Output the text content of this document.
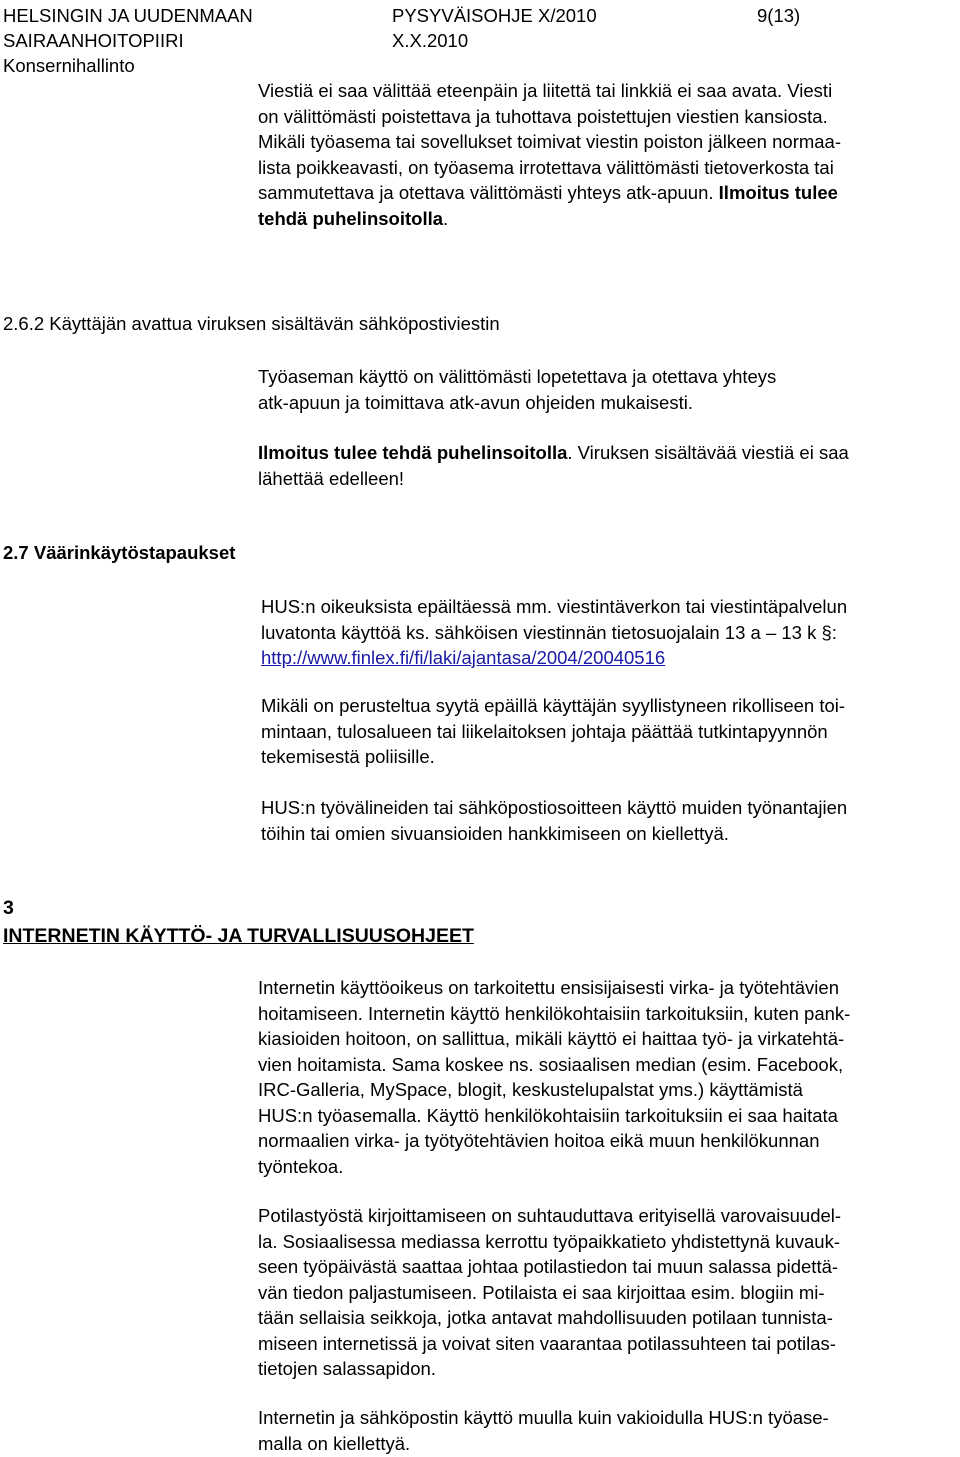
HELSINGIN JA UUDENMAAN
SAIRAANHOITOPIIRI
Konsernihallinto
PYSYVÄISOHJE X/2010
X.X.2010
9(13)
Viestiä ei saa välittää eteenpäin ja liitettä tai linkkiä ei saa avata. Viesti
on välittömästi poistettava ja tuhottava poistettujen viestien kansiosta.
Mikäli työasema tai sovellukset toimivat viestin poiston jälkeen normaa-
lista poikkeavasti, on työasema irrotettava välittömästi tietoverkosta tai
sammutettava ja otettava välittömästi yhteys atk-apuun. Ilmoitus tulee
tehdä puhelinsoitolla.
2.6.2 Käyttäjän avattua viruksen sisältävän sähköpostiviestin
Työaseman käyttö on välittömästi lopetettava ja otettava yhteys
atk-apuun ja toimittava atk-avun ohjeiden mukaisesti.
Ilmoitus tulee tehdä puhelinsoitolla. Viruksen sisältävää viestiä ei saa
lähettää edelleen!
2.7 Väärinkäytöstapaukset
HUS:n oikeuksista epäiltäessä mm. viestintäverkon tai viestintäpalvelun
luvatonta käyttöä ks. sähköisen viestinnän tietosuojalain 13 a – 13 k §:
http://www.finlex.fi/fi/laki/ajantasa/2004/20040516
Mikäli on perusteltua syytä epäillä käyttäjän syyllistyneen rikolliseen toi-
mintaan, tulosalueen tai liikelaitoksen johtaja päättää tutkintapyynnön
tekemisestä poliisille.
HUS:n työvälineiden tai sähköpostiosoitteen käyttö muiden työnantajien
töihin tai omien sivuansioiden hankkimiseen on kiellettyä.
3
INTERNETIN KÄYTTÖ- JA TURVALLISUUSOHJEET
Internetin käyttöoikeus on tarkoitettu ensisijaisesti virka- ja työtehtävien
hoitamiseen. Internetin käyttö henkilökohtaisiin tarkoituksiin, kuten pank-
kiasioiden hoitoon, on sallittua, mikäli käyttö ei haittaa työ- ja virkatehtä-
vien hoitamista. Sama koskee ns. sosiaalisen median (esim. Facebook,
IRC-Galleria, MySpace, blogit, keskustelupalstat yms.) käyttämistä
HUS:n työasemalla. Käyttö henkilökohtaisiin tarkoituksiin ei saa haitata
normaalien virka- ja työtyötehtävien hoitoa eikä muun henkilökunnan
työntekoa.
Potilastyöstä kirjoittamiseen on suhtauduttava erityisellä varovaisuudel-
la. Sosiaalisessa mediassa kerrottu työpaikkatieto yhdistettynä kuvauk-
seen työpäivästä saattaa johtaa potilastiedon tai muun salassa pidettä-
vän tiedon paljastumiseen. Potilaista ei saa kirjoittaa esim. blogiin mi-
tään sellaisia seikkoja, jotka antavat mahdollisuuden potilaan tunnista-
miseen internetissä ja voivat siten vaarantaa potilassuhteen tai potilas-
tietojen salassapidon.
Internetin ja sähköpostin käyttö muulla kuin vakioidulla HUS:n työase-
malla on kiellettyä.
